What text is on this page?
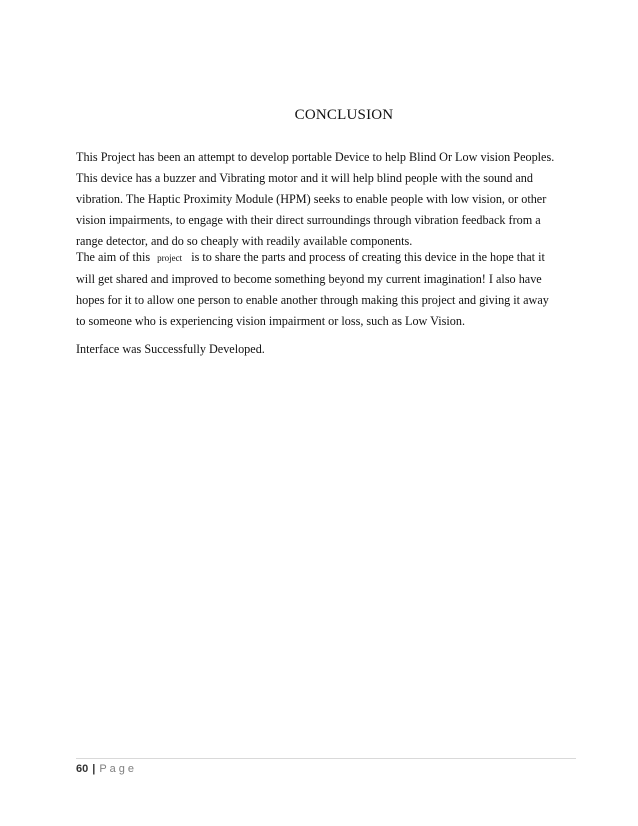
CONCLUSION

This Project has been an attempt to develop portable Device to help Blind Or Low vision Peoples.
This device has a buzzer and Vibrating motor and it will help blind people with the sound and
vibration. The Haptic Proximity Module (HPM) seeks to enable people with low vision, or other
vision impairments, to engage with their direct surroundings through vibration feedback from a
range detector, and do so cheaply with readily available components.

The aim of this project is to share the parts and process of creating this device in the hope that it
will get shared and improved to become something beyond my current imagination! I also have
hopes for it to allow one person to enable another through making this project and giving it away
to someone who is experiencing vision impairment or loss, such as Low Vision.

Interface was Successfully Developed.

60 | Page
